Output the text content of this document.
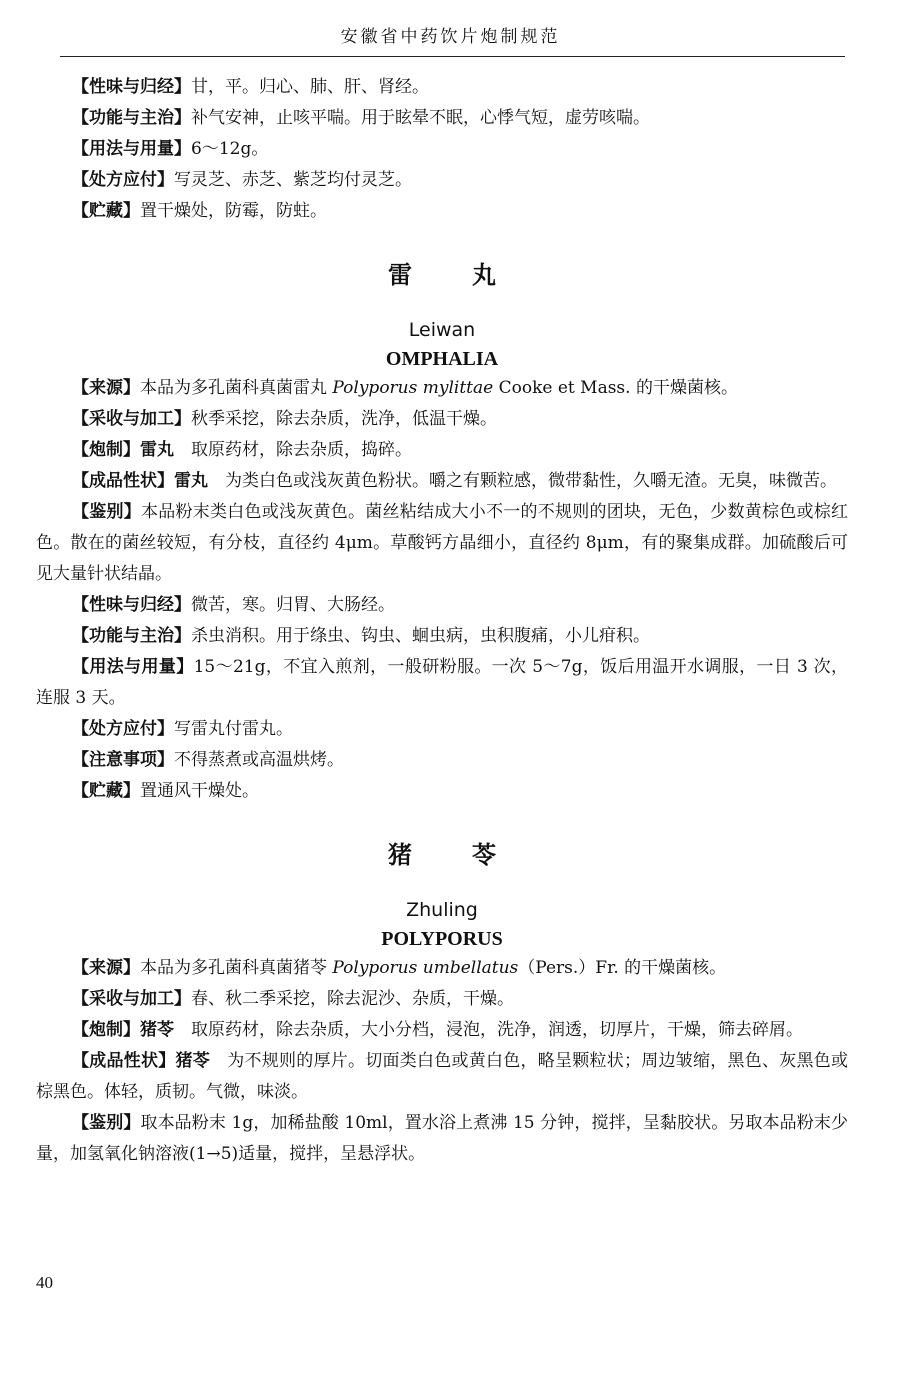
安徽省中药饮片炮制规范

【性味与归经】甘，平。归心、肺、肝、肾经。

【功能与主治】补气安神，止咳平喘。用于眩晕不眠，心悸气短，虚劳咳喘。

【用法与用量】6～12g。

【处方应付】写灵芝、赤芝、紫芝均付灵芝。

【贮藏】置干燥处，防霉，防蛀。

雷丸
Leiwan
OMPHALIA

【来源】本品为多孔菌科真菌雷丸 Polyporus mylittae Cooke et Mass. 的干燥菌核。

【采收与加工】秋季采挖，除去杂质，洗净，低温干燥。

【炮制】雷丸　取原药材，除去杂质，捣碎。

【成品性状】雷丸　为类白色或浅灰黄色粉状。嚼之有颗粒感，微带黏性，久嚼无渣。无臭，味微苦。

【鉴别】本品粉末类白色或浅灰黄色。菌丝粘结成大小不一的不规则的团块，无色，少数黄棕色或棕红色。散在的菌丝较短，有分枝，直径约 4μm。草酸钙方晶细小，直径约 8μm，有的聚集成群。加硫酸后可见大量针状结晶。

【性味与归经】微苦，寒。归胃、大肠经。

【功能与主治】杀虫消积。用于绦虫、钩虫、蛔虫病，虫积腹痛，小儿疳积。

【用法与用量】15～21g，不宜入煎剂，一般研粉服。一次 5～7g，饭后用温开水调服，一日 3 次，连服 3 天。

【处方应付】写雷丸付雷丸。

【注意事项】不得蒸煮或高温烘烤。

【贮藏】置通风干燥处。

猪苓
Zhuling
POLYPORUS

【来源】本品为多孔菌科真菌猪苓 Polyporus umbellatus（Pers.）Fr. 的干燥菌核。

【采收与加工】春、秋二季采挖，除去泥沙、杂质，干燥。

【炮制】猪苓　取原药材，除去杂质，大小分档，浸泡，洗净，润透，切厚片，干燥，筛去碎屑。

【成品性状】猪苓　为不规则的厚片。切面类白色或黄白色，略呈颗粒状；周边皱缩，黑色、灰黑色或棕黑色。体轻，质韧。气微，味淡。

【鉴别】取本品粉末 1g，加稀盐酸 10ml，置水浴上煮沸 15 分钟，搅拌，呈黏胶状。另取本品粉末少量，加氢氧化钠溶液(1→5)适量，搅拌，呈悬浮状。

40
